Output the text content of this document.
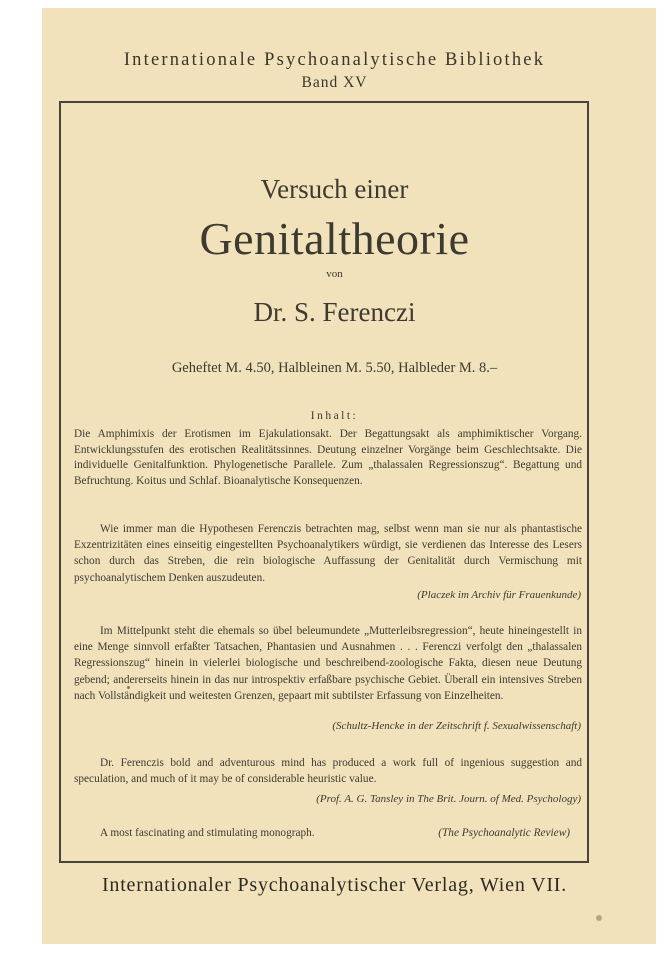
Internationale Psychoanalytische Bibliothek
Band XV
Versuch einer
Genitaltheorie
von
Dr. S. Ferenczi
Geheftet M. 4.50, Halbleinen M. 5.50, Halbleder M. 8.–
Inhalt:
Die Amphimixis der Erotismen im Ejakulationsakt. Der Begattungsakt als amphimiktischer Vorgang. Entwicklungsstufen des erotischen Realitätssinnes. Deutung einzelner Vorgänge beim Geschlechtsakte. Die individuelle Genitalfunktion. Phylogenetische Parallele. Zum „thalassalen Regressionszug“. Begattung und Befruchtung. Koitus und Schlaf. Bioanalytische Konsequenzen.
Wie immer man die Hypothesen Ferenczis betrachten mag, selbst wenn man sie nur als phantastische Exzentrizitäten eines einseitig eingestellten Psychoanalytikers würdigt, sie verdienen das Interesse des Lesers schon durch das Streben, die rein biologische Auffassung der Genitalität durch Vermischung mit psychoanalytischem Denken auszudeuten.
(Placzek im Archiv für Frauenkunde)
Im Mittelpunkt steht die ehemals so übel beleumundete „Mutterleibsregression“, heute hineingestellt in eine Menge sinnvoll erfaßter Tatsachen, Phantasien und Ausnahmen . . . Ferenczi verfolgt den „thalassalen Regressionszug“ hinein in vielerlei biologische und beschreibend-zoologische Fakta, diesen neue Deutung gebend; andererseits hinein in das nur introspektiv erfaßbare psychische Gebiet. Überall ein intensives Streben nach Vollständigkeit und weitesten Grenzen, gepaart mit subtilster Erfassung von Einzelheiten.
(Schultz-Hencke in der Zeitschrift f. Sexualwissenschaft)
Dr. Ferenczis bold and adventurous mind has produced a work full of ingenious suggestion and speculation, and much of it may be of considerable heuristic value.
(Prof. A. G. Tansley in The Brit. Journ. of Med. Psychology)
A most fascinating and stimulating monograph.	(The Psychoanalytic Review)
Internationaler Psychoanalytischer Verlag, Wien VII.
